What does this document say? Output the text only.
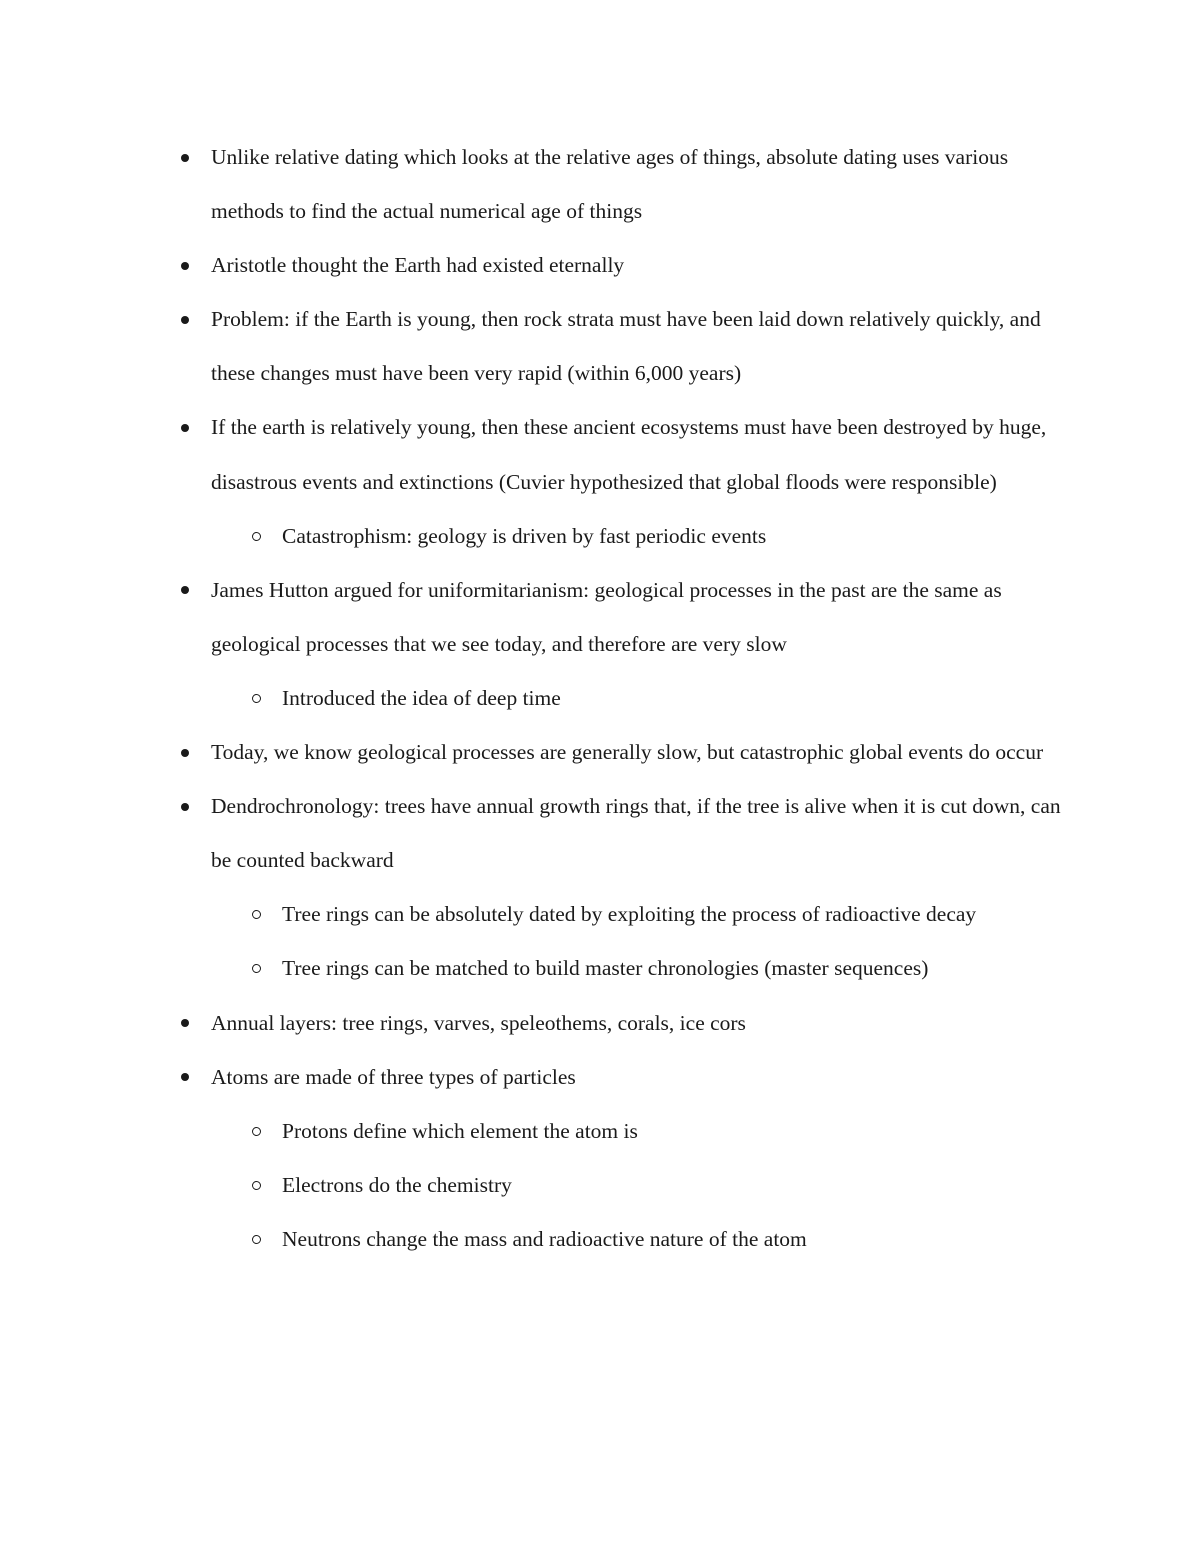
Unlike relative dating which looks at the relative ages of things, absolute dating uses various methods to find the actual numerical age of things
Aristotle thought the Earth had existed eternally
Problem: if the Earth is young, then rock strata must have been laid down relatively quickly, and these changes must have been very rapid (within 6,000 years)
If the earth is relatively young, then these ancient ecosystems must have been destroyed by huge, disastrous events and extinctions (Cuvier hypothesized that global floods were responsible)
Catastrophism: geology is driven by fast periodic events
James Hutton argued for uniformitarianism: geological processes in the past are the same as geological processes that we see today, and therefore are very slow
Introduced the idea of deep time
Today, we know geological processes are generally slow, but catastrophic global events do occur
Dendrochronology: trees have annual growth rings that, if the tree is alive when it is cut down, can be counted backward
Tree rings can be absolutely dated by exploiting the process of radioactive decay
Tree rings can be matched to build master chronologies (master sequences)
Annual layers: tree rings, varves, speleothems, corals, ice cors
Atoms are made of three types of particles
Protons define which element the atom is
Electrons do the chemistry
Neutrons change the mass and radioactive nature of the atom
